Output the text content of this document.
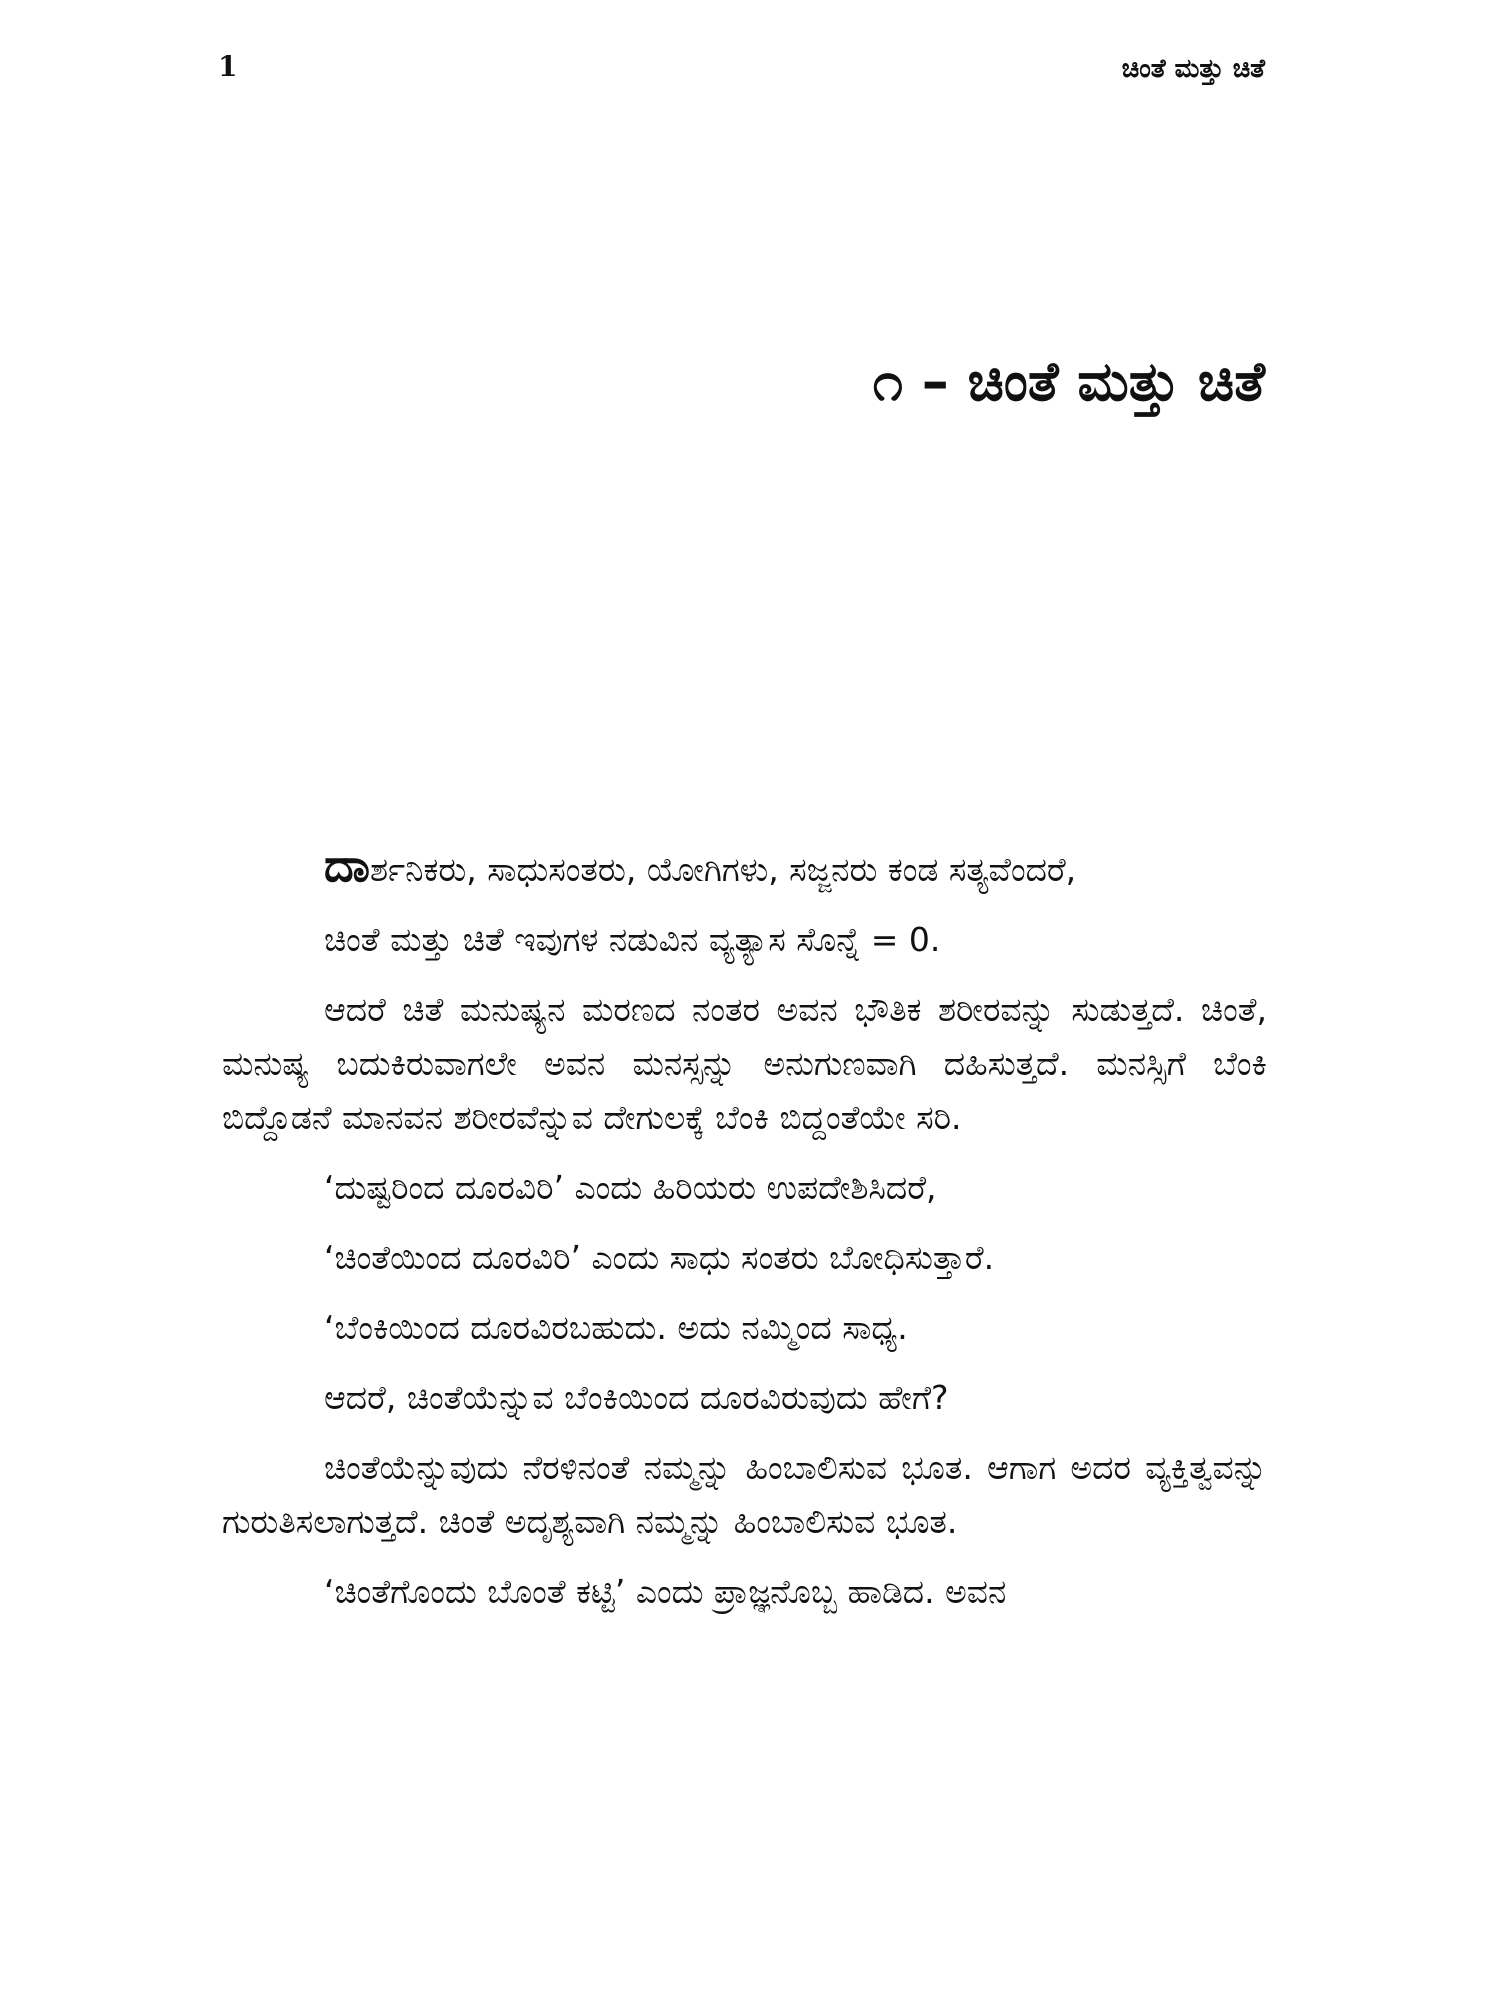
1	ಚಿಂತೆ ಮತ್ತು ಚಿತೆ
೧ – ಚಿಂತೆ ಮತ್ತು ಚಿತೆ

ದಾರ್ಶನಿಕರು, ಸಾಧುಸಂತರು, ಯೋಗಿಗಳು, ಸಜ್ಜನರು ಕಂಡ ಸತ್ಯವೆಂದರೆ,

ಚಿಂತೆ ಮತ್ತು ಚಿತೆ ಇವುಗಳ ನಡುವಿನ ವ್ಯತ್ಯಾಸ ಸೊನ್ನೆ = 0.

ಆದರೆ ಚಿತೆ ಮನುಷ್ಯನ ಮರಣದ ನಂತರ ಅವನ ಭೌತಿಕ ಶರೀರವನ್ನು ಸುಡುತ್ತದೆ. ಚಿಂತೆ, ಮನುಷ್ಯ ಬದುಕಿರುವಾಗಲೇ ಅವನ ಮನಸ್ಸನ್ನು ಅನುಗುಣವಾಗಿ ದಹಿಸುತ್ತದೆ. ಮನಸ್ಸಿಗೆ ಬೆಂಕಿ ಬಿದ್ದೊಡನೆ ಮಾನವನ ಶರೀರವೆನ್ನುವ ದೇಗುಲಕ್ಕೆ ಬೆಂಕಿ ಬಿದ್ದಂತೆಯೇ ಸರಿ.

‘ದುಷ್ಟರಿಂದ ದೂರವಿರಿ’ ಎಂದು ಹಿರಿಯರು ಉಪದೇಶಿಸಿದರೆ,

‘ಚಿಂತೆಯಿಂದ ದೂರವಿರಿ’ ಎಂದು ಸಾಧು ಸಂತರು ಬೋಧಿಸುತ್ತಾರೆ.

‘ಬೆಂಕಿಯಿಂದ ದೂರವಿರಬಹುದು. ಅದು ನಮ್ಮಿಂದ ಸಾಧ್ಯ.

ಆದರೆ, ಚಿಂತೆಯೆನ್ನುವ ಬೆಂಕಿಯಿಂದ ದೂರವಿರುವುದು ಹೇಗೆ?

ಚಿಂತೆಯೆನ್ನುವುದು ನೆರಳಿನಂತೆ ನಮ್ಮನ್ನು ಹಿಂಬಾಲಿಸುವ ಭೂತ. ಆಗಾಗ ಅದರ ವ್ಯಕ್ತಿತ್ವವನ್ನು ಗುರುತಿಸಲಾಗುತ್ತದೆ. ಚಿಂತೆ ಅದೃಶ್ಯವಾಗಿ ನಮ್ಮನ್ನು ಹಿಂಬಾಲಿಸುವ ಭೂತ.

‘ಚಿಂತೆಗೊಂದು ಬೊಂತೆ ಕಟ್ಟಿ’ ಎಂದು ಪ್ರಾಜ್ಞನೊಬ್ಬ ಹಾಡಿದ. ಅವನ
